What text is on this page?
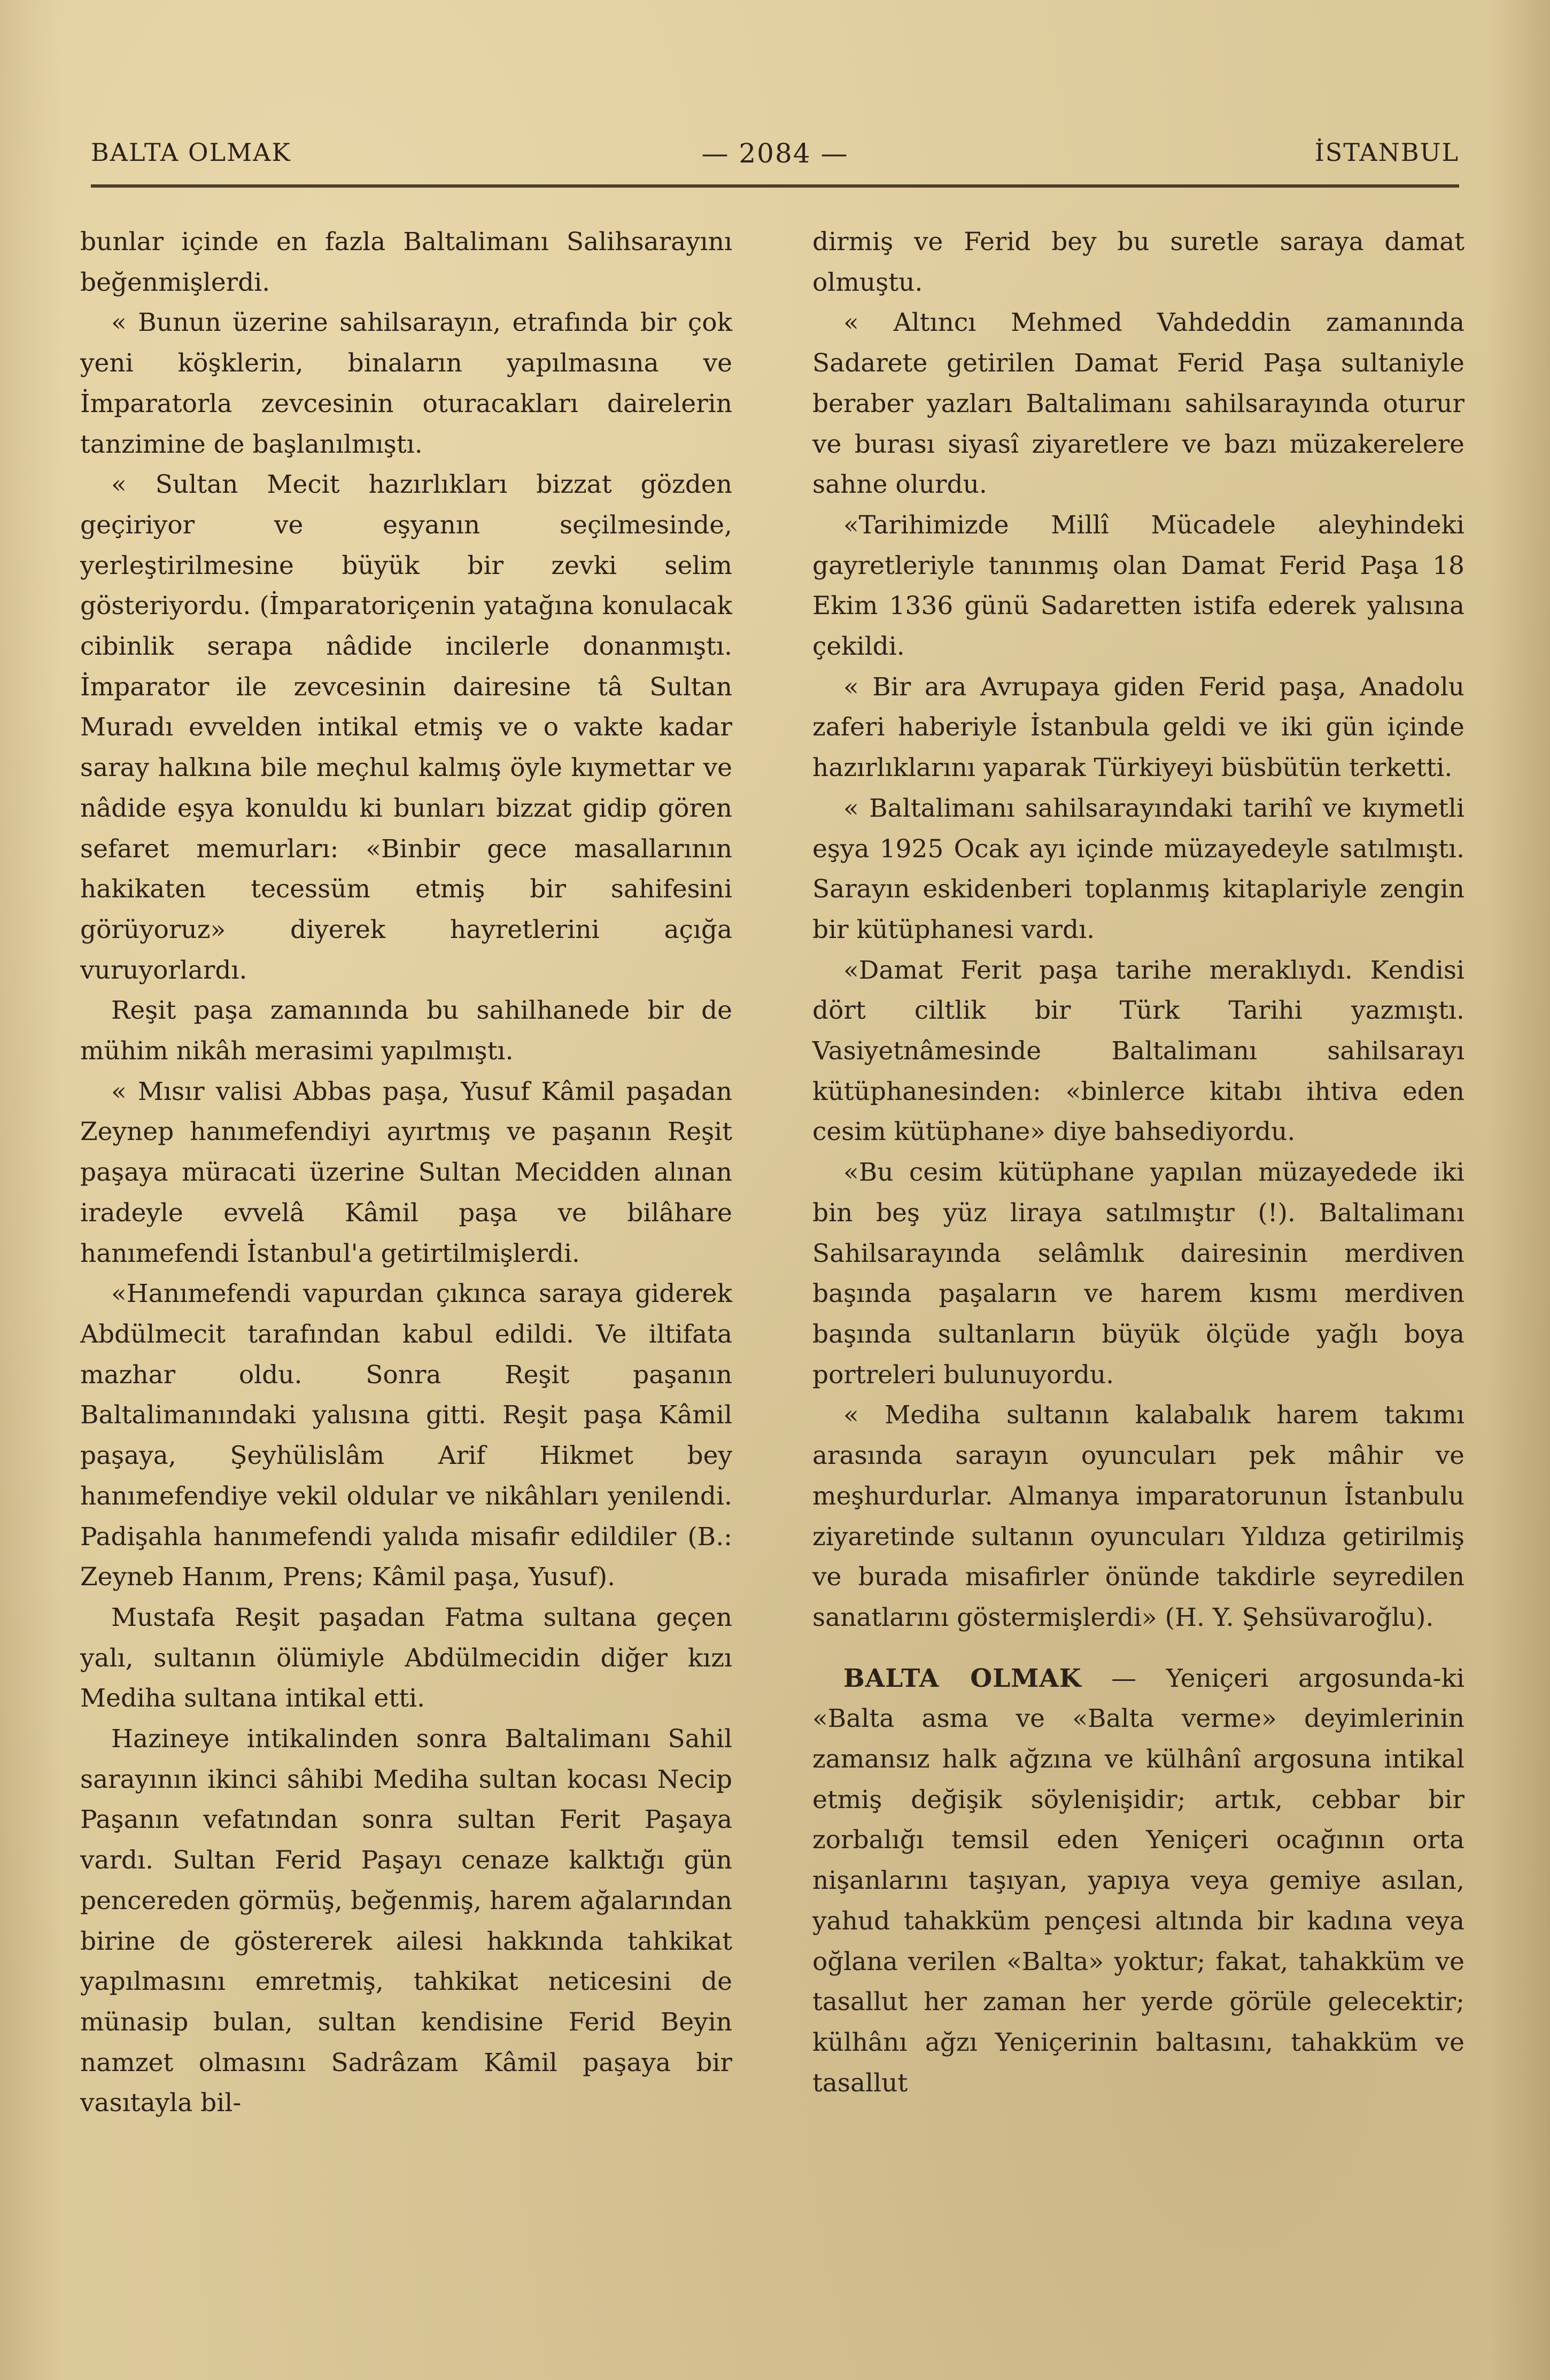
BALTA OLMAK	— 2084 —	İSTANBUL

bunlar içinde en fazla Baltalimanı Salihsarayını beğenmişlerdi.

« Bunun üzerine sahilsarayın, etrafında bir çok yeni köşklerin, binaların yapılmasına ve İmparatorla zevcesinin oturacakları dairelerin tanzimine de başlanılmıştı.

« Sultan Mecit hazırlıkları bizzat gözden geçiriyor ve eşyanın seçilmesinde, yerleştirilmesine büyük bir zevki selim gösteriyordu. (İmparatoriçenin yatağına konulacak cibinlik serapa nâdide incilerle donanmıştı. İmparator ile zevcesinin dairesine tâ Sultan Muradı evvelden intikal etmiş ve o vakte kadar saray halkına bile meçhul kalmış öyle kıymettar ve nâdide eşya konuldu ki bunları bizzat gidip gören sefaret memurları: «Binbir gece masallarının hakikaten tecessüm etmiş bir sahifesini görüyoruz» diyerek hayretlerini açığa vuruyorlardı.

Reşit paşa zamanında bu sahilhanede bir de mühim nikâh merasimi yapılmıştı.

« Mısır valisi Abbas paşa, Yusuf Kâmil paşadan Zeynep hanımefendiyi ayırtmış ve paşanın Reşit paşaya müracati üzerine Sultan Mecidden alınan iradeyle evvelâ Kâmil paşa ve bilâhare hanımefendi İstanbul'a getirtilmişlerdi.

«Hanımefendi vapurdan çıkınca saraya giderek Abdülmecit tarafından kabul edildi. Ve iltifata mazhar oldu. Sonra Reşit paşanın Baltalimanındaki yalısına gitti. Reşit paşa Kâmil paşaya, Şeyhülislâm Arif Hikmet bey hanımefendiye vekil oldular ve nikâhları yenilendi. Padişahla hanımefendi yalıda misafir edildiler (B.: Zeyneb Hanım, Prens; Kâmil paşa, Yusuf).

Mustafa Reşit paşadan Fatma sultana geçen yalı, sultanın ölümiyle Abdülmecidin diğer kızı Mediha sultana intikal etti.

Hazineye intikalinden sonra Baltalimanı Sahil sarayının ikinci sâhibi Mediha sultan kocası Necip Paşanın vefatından sonra sultan Ferit Paşaya vardı. Sultan Ferid Paşayı cenaze kalktığı gün pencereden görmüş, beğenmiş, harem ağalarından birine de göstererek ailesi hakkında tahkikat yapılmasını emretmiş, tahkikat neticesini de münasip bulan, sultan kendisine Ferid Beyin namzet olmasını Sadrâzam Kâmil paşaya bir vasıtayla bil-

dirmiş ve Ferid bey bu suretle saraya damat olmuştu.

« Altıncı Mehmed Vahdeddin zamanında Sadarete getirilen Damat Ferid Paşa sultaniyle beraber yazları Baltalimanı sahilsarayında oturur ve burası siyasî ziyaretlere ve bazı müzakerelere sahne olurdu.

«Tarihimizde Millî Mücadele aleyhindeki gayretleriyle tanınmış olan Damat Ferid Paşa 18 Ekim 1336 günü Sadaretten istifa ederek yalısına çekildi.

« Bir ara Avrupaya giden Ferid paşa, Anadolu zaferi haberiyle İstanbula geldi ve iki gün içinde hazırlıklarını yaparak Türkiyeyi büsbütün terketti.

« Baltalimanı sahilsarayındaki tarihî ve kıymetli eşya 1925 Ocak ayı içinde müzayedeyle satılmıştı. Sarayın eskidenberi toplanmış kitaplariyle zengin bir kütüphanesi vardı.

«Damat Ferit paşa tarihe meraklıydı. Kendisi dört ciltlik bir Türk Tarihi yazmıştı. Vasiyetnâmesinde Baltalimanı sahilsarayı kütüphanesinden: «binlerce kitabı ihtiva eden cesim kütüphane» diye bahsediyordu.

«Bu cesim kütüphane yapılan müzayedede iki bin beş yüz liraya satılmıştır (!). Baltalimanı Sahilsarayında selâmlık dairesinin merdiven başında paşaların ve harem kısmı merdiven başında sultanların büyük ölçüde yağlı boya portreleri bulunuyordu.

« Mediha sultanın kalabalık harem takımı arasında sarayın oyuncuları pek mâhir ve meşhurdurlar. Almanya imparatorunun İstanbulu ziyaretinde sultanın oyuncuları Yıldıza getirilmiş ve burada misafirler önünde takdirle seyredilen sanatlarını göstermişlerdi» (H. Y. Şehsüvaroğlu).

BALTA OLMAK — Yeniçeri argosunda-ki «Balta asma ve «Balta verme» deyimlerinin zamansız halk ağzına ve külhânî argosuna intikal etmiş değişik söylenişidir; artık, cebbar bir zorbalığı temsil eden Yeniçeri ocağının orta nişanlarını taşıyan, yapıya veya gemiye asılan, yahud tahakküm pençesi altında bir kadına veya oğlana verilen «Balta» yoktur; fakat, tahakküm ve tasallut her zaman her yerde görüle gelecektir; külhânı ağzı Yeniçerinin baltasını, tahakküm ve tasallut
